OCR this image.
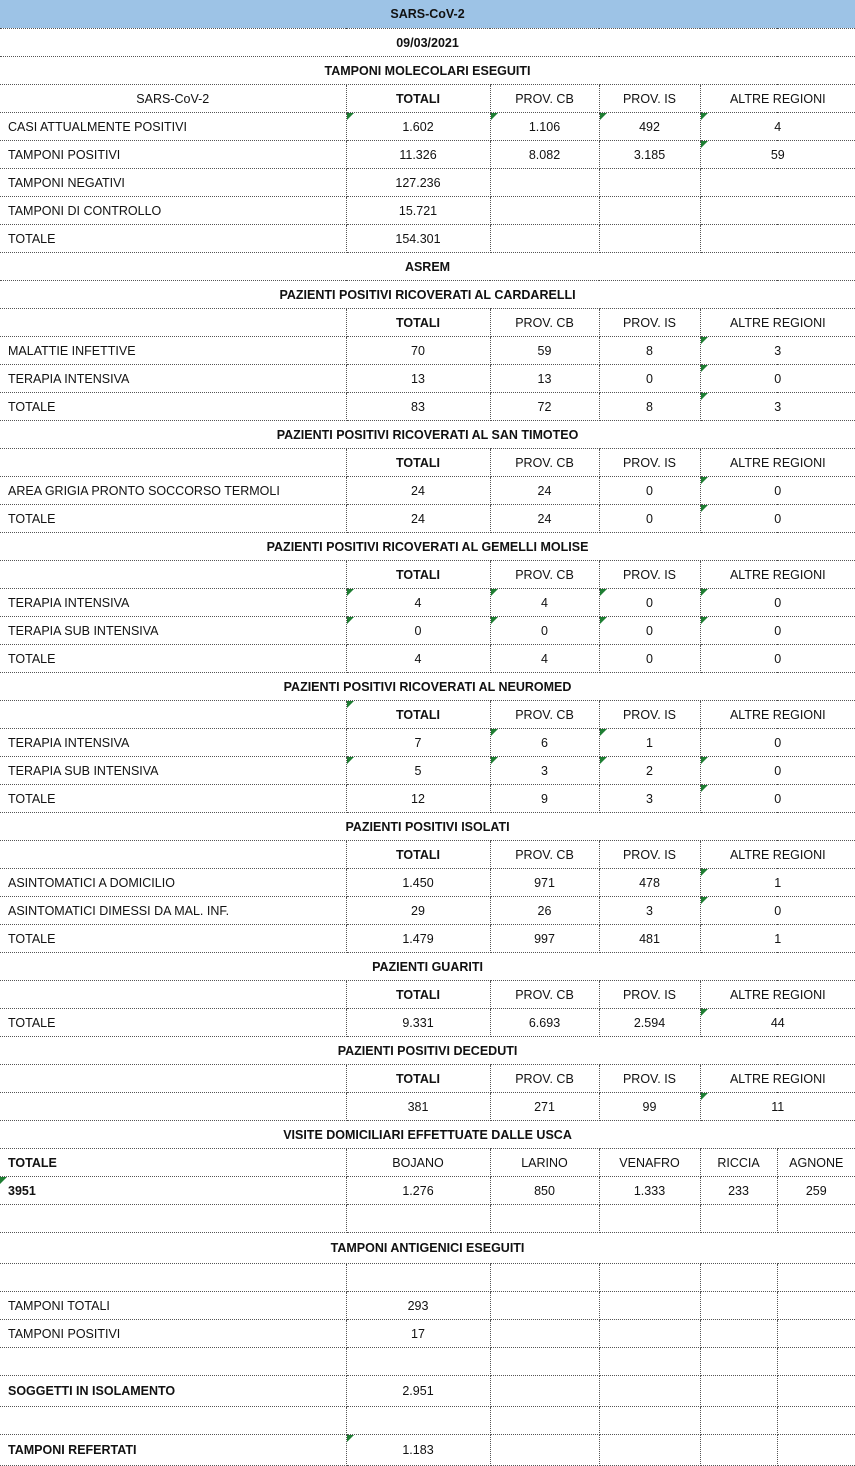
SARS-CoV-2					
09/03/2021					
TAMPONI MOLECOLARI ESEGUITI					
SARS-CoV-2	TOTALI	PROV. CB	PROV. IS	ALTRE REGIONI	
CASI ATTUALMENTE POSITIVI	1.602	1.106	492	4	
TAMPONI POSITIVI	11.326	8.082	3.185	59	
TAMPONI NEGATIVI	127.236				
TAMPONI DI CONTROLLO	15.721				
TOTALE	154.301				
ASREM					
PAZIENTI POSITIVI RICOVERATI AL CARDARELLI					
	TOTALI	PROV. CB	PROV. IS	ALTRE REGIONI	
MALATTIE INFETTIVE	70	59	8	3	
TERAPIA INTENSIVA	13	13	0	0	
TOTALE	83	72	8	3	
PAZIENTI POSITIVI RICOVERATI AL SAN TIMOTEO					
	TOTALI	PROV. CB	PROV. IS	ALTRE REGIONI	
AREA GRIGIA PRONTO SOCCORSO TERMOLI	24	24	0	0	
TOTALE	24	24	0	0	
PAZIENTI POSITIVI RICOVERATI AL GEMELLI MOLISE					
	TOTALI	PROV. CB	PROV. IS	ALTRE REGIONI	
TERAPIA INTENSIVA	4	4	0	0	
TERAPIA SUB INTENSIVA	0	0	0	0	
TOTALE	4	4	0	0	
PAZIENTI POSITIVI RICOVERATI AL NEUROMED					
	TOTALI	PROV. CB	PROV. IS	ALTRE REGIONI	
TERAPIA INTENSIVA	7	6	1	0	
TERAPIA SUB INTENSIVA	5	3	2	0	
TOTALE	12	9	3	0	
PAZIENTI POSITIVI ISOLATI					
	TOTALI	PROV. CB	PROV. IS	ALTRE REGIONI	
ASINTOMATICI A DOMICILIO	1.450	971	478	1	
ASINTOMATICI DIMESSI DA MAL. INF.	29	26	3	0	
TOTALE	1.479	997	481	1	
PAZIENTI GUARITI					
	TOTALI	PROV. CB	PROV. IS	ALTRE REGIONI	
TOTALE	9.331	6.693	2.594	44	
PAZIENTI POSITIVI DECEDUTI					
	TOTALI	PROV. CB	PROV. IS	ALTRE REGIONI	
	381	271	99	11	
VISITE DOMICILIARI EFFETTUATE DALLE USCA					
TOTALE	BOJANO	LARINO	VENAFRO	RICCIA	AGNONE
3951	1.276	850	1.333	233	259

TAMPONI ANTIGENICI ESEGUITI					

TAMPONI TOTALI	293				
TAMPONI POSITIVI	17				

SOGGETTI IN ISOLAMENTO	2.951				

TAMPONI REFERTATI	1.183				
